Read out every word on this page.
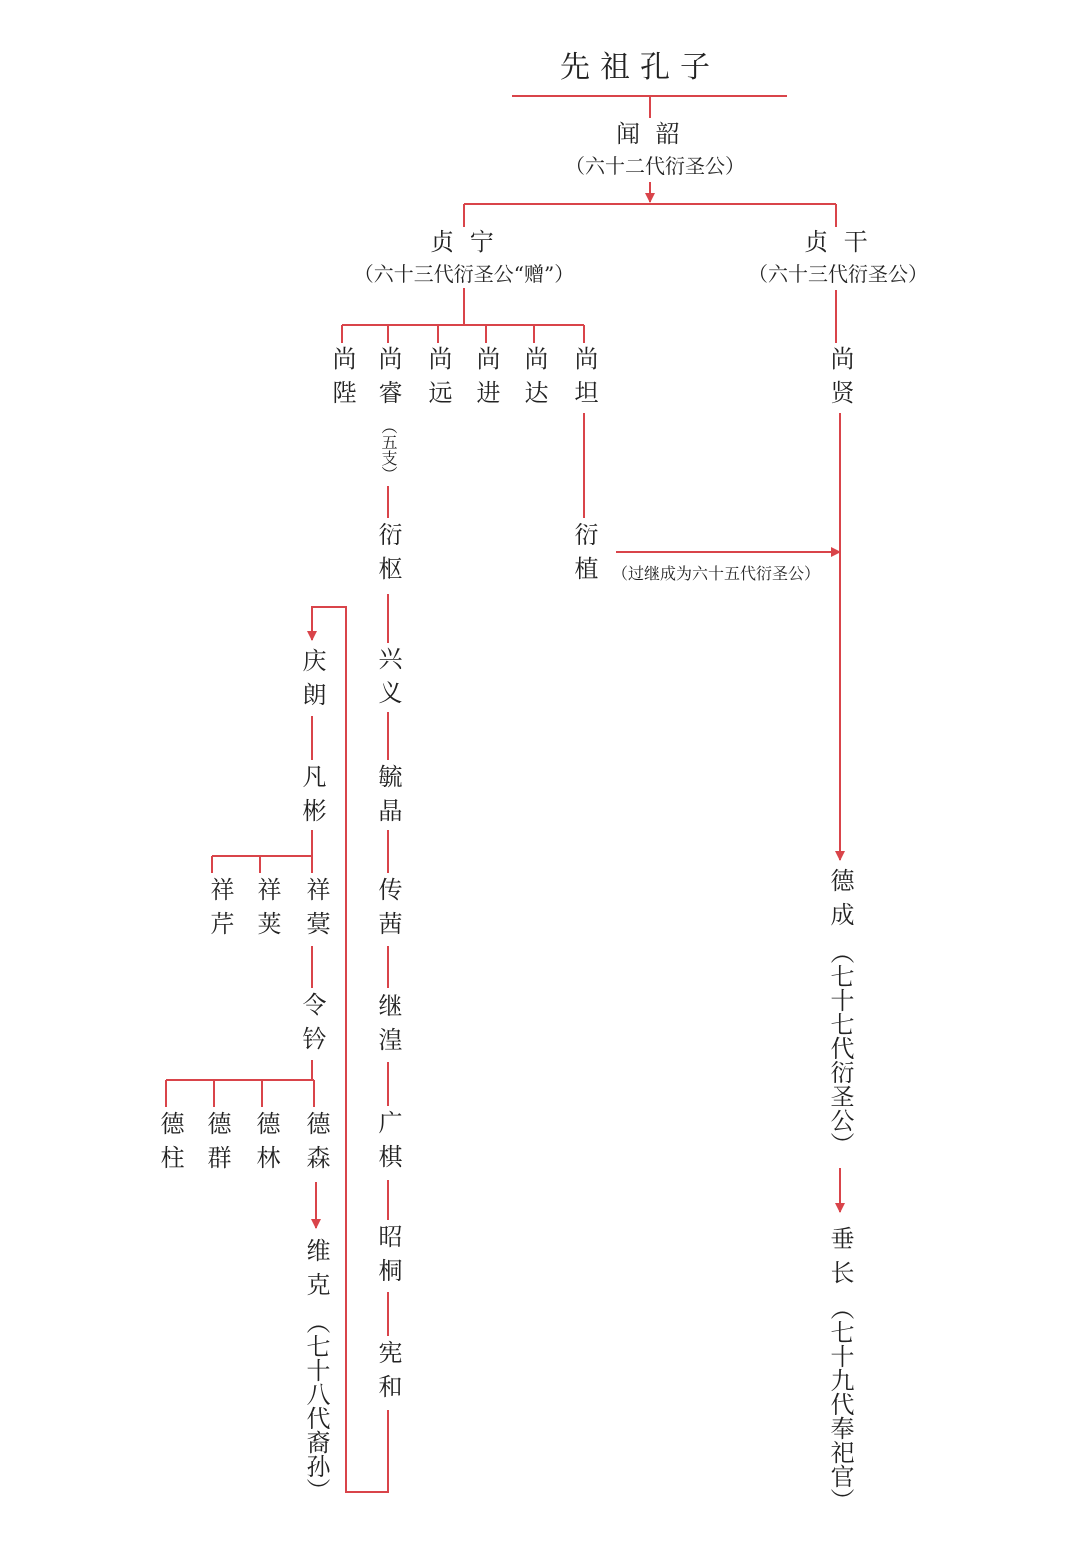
先祖孔子
闻 韶
（六十二代衍圣公）
贞 宁
（六十三代衍圣公“赠”）
贞 干
（六十三代衍圣公）
尚陛 尚睿
（五支）
尚远 尚进 尚达 尚坦	尚贤
衍枢	衍植 （过继成为六十五代衍圣公）
兴义
毓晶
传茜
继湟
广棋
昭桐
宪和
庆朗
凡彬
祥芹 祥荚 祥蓂
令钤
德柱 德群 德林 德森
维克
（七十八代裔孙）
德成
（七十七代衍圣公）
垂长
（七十九代奉祀官）
